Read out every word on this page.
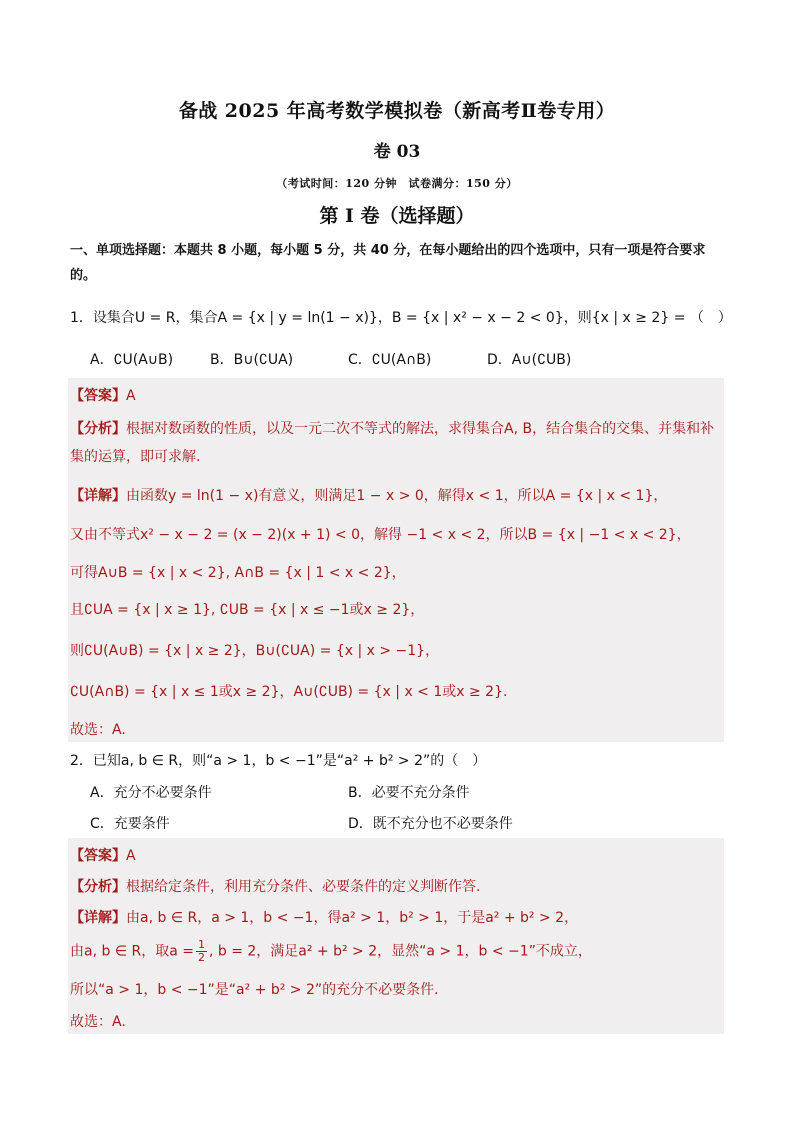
备战 2025 年高考数学模拟卷（新高考Ⅱ卷专用）
卷 03
（考试时间：120 分钟　试卷满分：150 分）
第 I 卷（选择题）
一、单项选择题：本题共 8 小题，每小题 5 分，共 40 分，在每小题给出的四个选项中，只有一项是符合要求的。
1．设集合U = R，集合A = {x | y = ln(1 − x)}，B = {x | x² − x − 2 < 0}，则{x | x ≥ 2} = （　）
A．∁U(A∪B)	B．B∪(∁UA)	C．∁U(A∩B)	D．A∪(∁UB)
【答案】A
【分析】根据对数函数的性质，以及一元二次不等式的解法，求得集合A, B，结合集合的交集、并集和补
集的运算，即可求解.
【详解】由函数y = ln(1 − x)有意义，则满足1 − x > 0，解得x < 1，所以A = {x | x < 1}，
又由不等式x² − x − 2 = (x − 2)(x + 1) < 0，解得 −1 < x < 2，所以B = {x | −1 < x < 2}，
可得A∪B = {x | x < 2}, A∩B = {x | 1 < x < 2}，
且∁UA = {x | x ≥ 1}, ∁UB = {x | x ≤ −1或x ≥ 2}，
则∁U(A∪B) = {x | x ≥ 2}，B∪(∁UA) = {x | x > −1}，
∁U(A∩B) = {x | x ≤ 1或x ≥ 2}，A∪(∁UB) = {x | x < 1或x ≥ 2}.
故选：A.
2．已知a, b ∈ R，则“a > 1，b < −1”是“a² + b² > 2”的（　）
A．充分不必要条件	B．必要不充分条件
C．充要条件	D．既不充分也不必要条件
【答案】A
【分析】根据给定条件，利用充分条件、必要条件的定义判断作答.
【详解】由a, b ∈ R，a > 1，b < −1，得a² > 1，b² > 1，于是a² + b² > 2，
由a, b ∈ R，取$a = \frac{1}{2}$ , b = 2，满足a² + b² > 2，显然“a > 1，b < −1”不成立，
所以“a > 1，b < −1”是“a² + b² > 2”的充分不必要条件.
故选：A.
